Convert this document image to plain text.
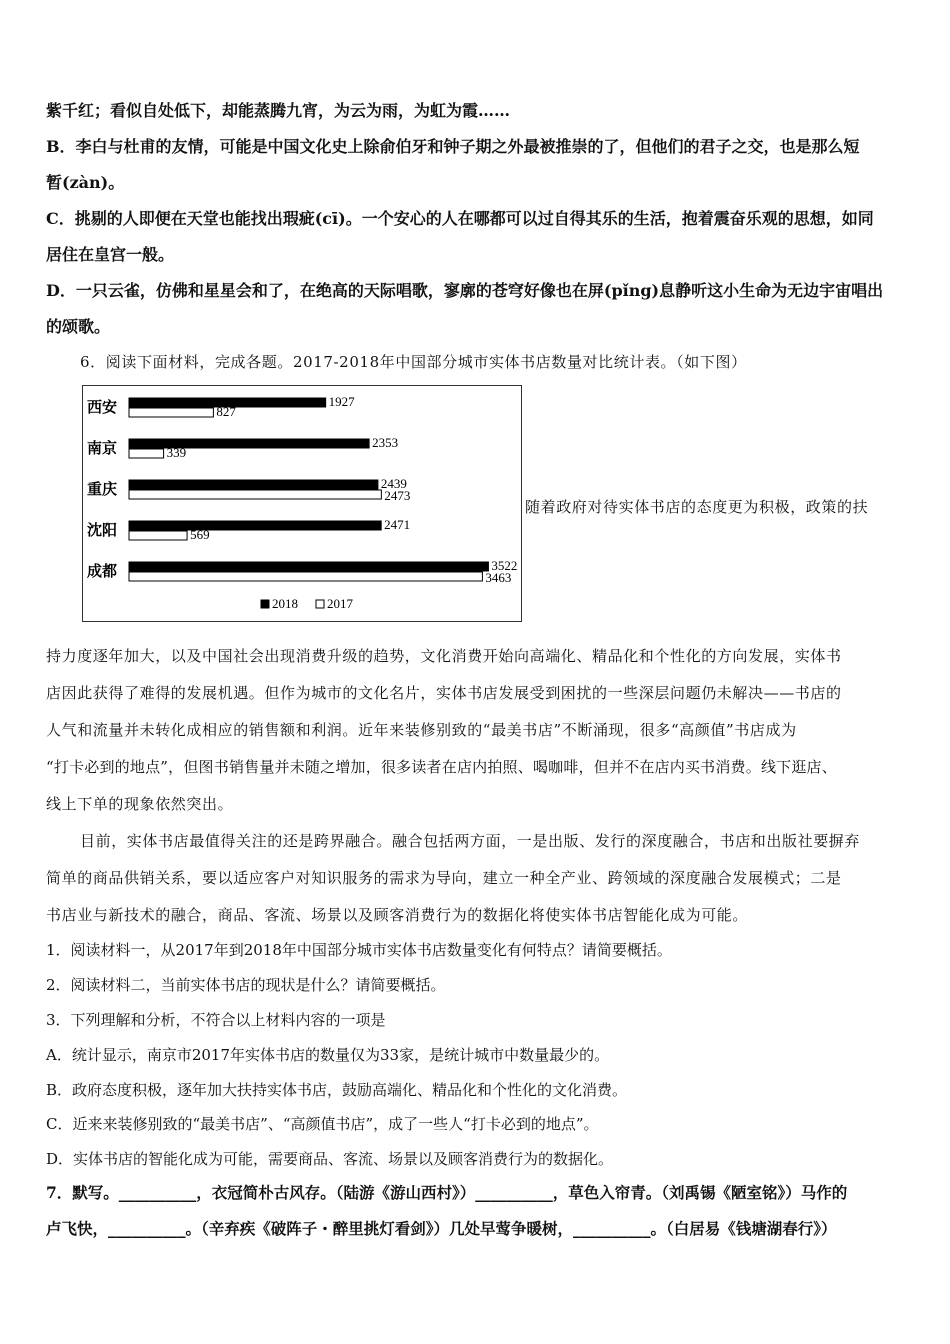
紫千红；看似自处低下，却能蒸腾九宵，为云为雨，为虹为霞……
B．李白与杜甫的友情，可能是中国文化史上除俞伯牙和钟子期之外最被推崇的了，但他们的君子之交，也是那么短
暂(zàn)。
C．挑剔的人即便在天堂也能找出瑕疵(cī)。一个安心的人在哪都可以过自得其乐的生活，抱着震奋乐观的思想，如同
居住在皇宫一般。
D．一只云雀，仿佛和星星会和了，在绝高的天际唱歌，寥廓的苍穹好像也在屏(pǐng)息静听这小生命为无边宇宙唱出
的颂歌。
6．阅读下面材料，完成各题。2017-2018年中国部分城市实体书店数量对比统计表。（如下图）
西安	1927
827
南京	2353
339
重庆	2439
2473
沈阳	2471
569
成都	3522
3463
2018 2017
随着政府对待实体书店的态度更为积极，政策的扶
持力度逐年加大，以及中国社会出现消费升级的趋势，文化消费开始向高端化、精品化和个性化的方向发展，实体书
店因此获得了难得的发展机遇。但作为城市的文化名片，实体书店发展受到困扰的一些深层问题仍未解决——书店的
人气和流量并未转化成相应的销售额和利润。近年来装修别致的“最美书店”不断涌现，很多“高颜值”书店成为
“打卡必到的地点”，但图书销售量并未随之增加，很多读者在店内拍照、喝咖啡，但并不在店内买书消费。线下逛店、
线上下单的现象依然突出。
目前，实体书店最值得关注的还是跨界融合。融合包括两方面，一是出版、发行的深度融合，书店和出版社要摒弃
简单的商品供销关系，要以适应客户对知识服务的需求为导向，建立一种全产业、跨领域的深度融合发展模式；二是
书店业与新技术的融合，商品、客流、场景以及顾客消费行为的数据化将使实体书店智能化成为可能。
1．阅读材料一，从2017年到2018年中国部分城市实体书店数量变化有何特点？请简要概括。
2．阅读材料二，当前实体书店的现状是什么？请简要概括。
3．下列理解和分析，不符合以上材料内容的一项是
A．统计显示，南京市2017年实体书店的数量仅为33家，是统计城市中数量最少的。
B．政府态度积极，逐年加大扶持实体书店，鼓励高端化、精品化和个性化的文化消费。
C．近来来装修别致的“最美书店”、“高颜值书店”，成了一些人“打卡必到的地点”。
D．实体书店的智能化成为可能，需要商品、客流、场景以及顾客消费行为的数据化。
7．默写。__________，衣冠简朴古风存。（陆游《游山西村》）__________，草色入帘青。（刘禹锡《陋室铭》）马作的
卢飞快，__________。（辛弃疾《破阵子・醉里挑灯看剑》）几处早莺争暖树，__________。（白居易《钱塘湖春行》）
